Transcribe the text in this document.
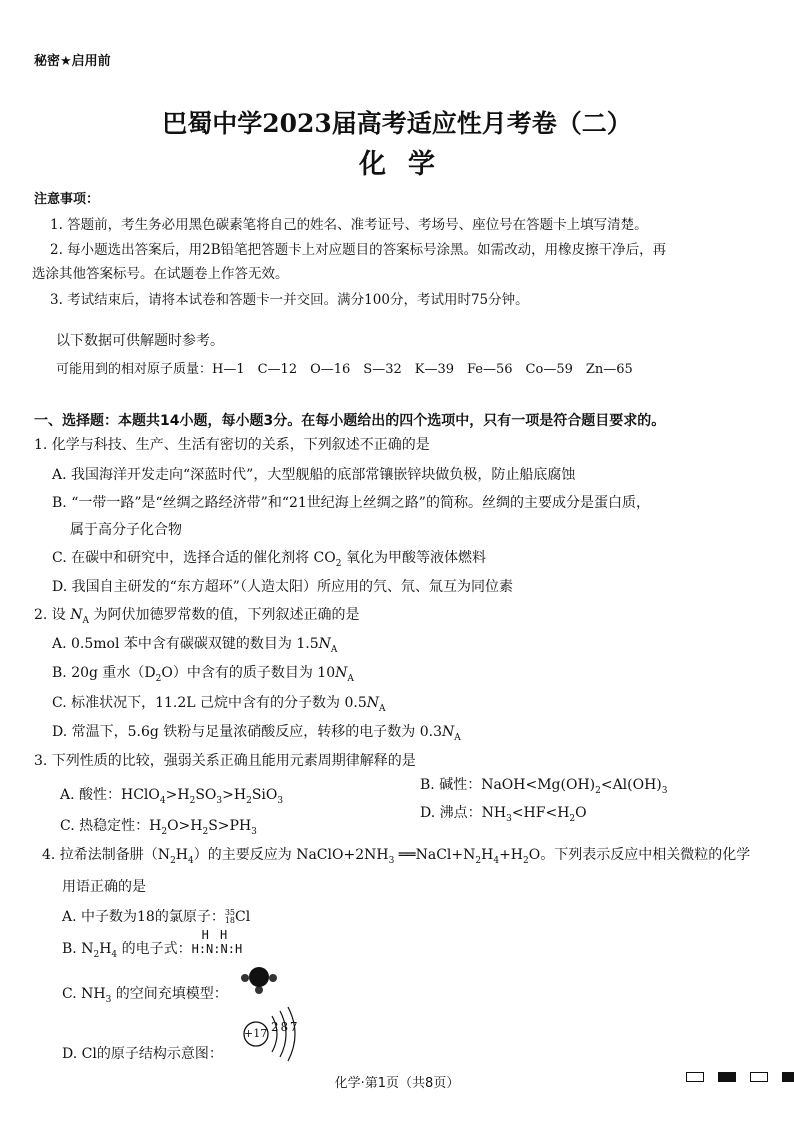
秘密★启用前
巴蜀中学2023届高考适应性月考卷（二）
化学
注意事项：
1. 答题前，考生务必用黑色碳素笔将自己的姓名、准考证号、考场号、座位号在答题卡上填写清楚。
2. 每小题选出答案后，用2B铅笔把答题卡上对应题目的答案标号涂黑。如需改动，用橡皮擦干净后，再
选涂其他答案标号。在试题卷上作答无效。
3. 考试结束后，请将本试卷和答题卡一并交回。满分100分，考试用时75分钟。
以下数据可供解题时参考。
可能用到的相对原子质量：H—1　C—12　O—16　S—32　K—39　Fe—56　Co—59　Zn—65
一、选择题：本题共14小题，每小题3分。在每小题给出的四个选项中，只有一项是符合题目要求的。
1. 化学与科技、生产、生活有密切的关系，下列叙述不正确的是
A. 我国海洋开发走向“深蓝时代”，大型舰船的底部常镶嵌锌块做负极，防止船底腐蚀
B. “一带一路”是“丝绸之路经济带”和“21世纪海上丝绸之路”的简称。丝绸的主要成分是蛋白质，
属于高分子化合物
C. 在碳中和研究中，选择合适的催化剂将 $CO_2$ 氧化为甲酸等液体燃料
D. 我国自主研发的“东方超环”（人造太阳）所应用的氕、氘、氚互为同位素
2. 设 $N_A$ 为阿伏加德罗常数的值，下列叙述正确的是
A. 0.5mol 苯中含有碳碳双键的数目为 $1.5N_A$
B. 20g 重水$(D_2O)$中含有的质子数目为 $10N_A$
C. 标准状况下，11.2L 己烷中含有的分子数为 $0.5N_A$
D. 常温下，5.6g 铁粉与足量浓硝酸反应，转移的电子数为 $0.3N_A$
3. 下列性质的比较，强弱关系正确且能用元素周期律解释的是
B. 碱性：$NaOH<Mg(OH)_2<Al(OH)_3$
A. 酸性：$HClO_4>H_2SO_3>H_2SiO_3$
D. 沸点：$NH_3<HF<H_2O$
C. 热稳定性：$H_2O>H_2S>PH_3$
4. 拉希法制备肼$(N_2H_4)$的主要反应为 $NaClO+2NH_3$ $══NaCl+N_2H_4+H_2O$。下列表示反应中相关微粒的化学
用语正确的是
A. 中子数为18的氯原子：35
18Cl
B. $N_2H_4$ 的电子式：
H H
H:N:N:H
C. $NH_3$ 的空间充填模型：
D. Cl的原子结构示意图：
+17 2 8 7
化学·第1页（共8页）
